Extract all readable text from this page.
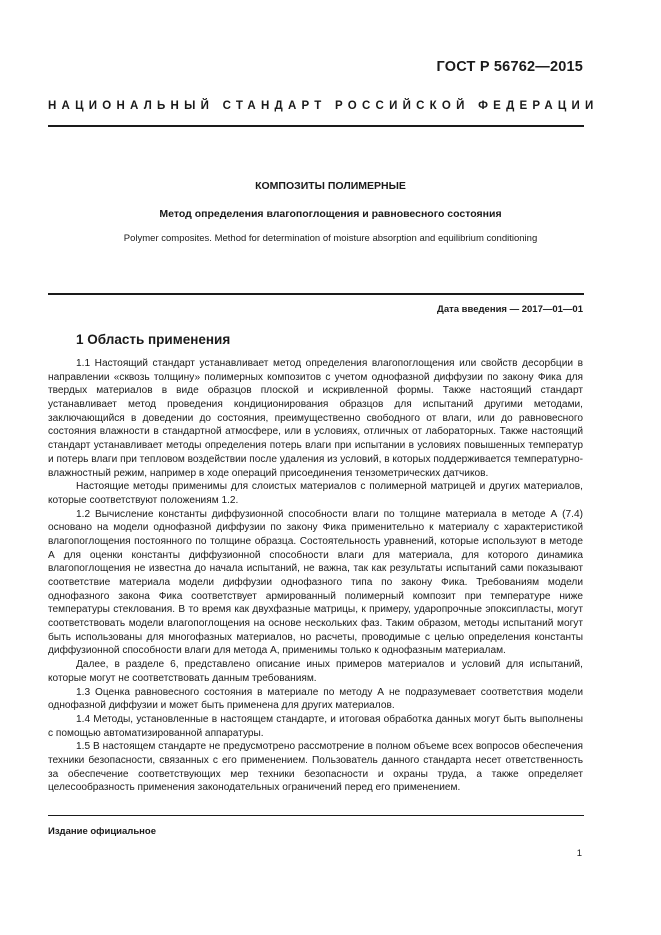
ГОСТ Р 56762—2015
НАЦИОНАЛЬНЫЙ СТАНДАРТ РОССИЙСКОЙ ФЕДЕРАЦИИ
КОМПОЗИТЫ ПОЛИМЕРНЫЕ
Метод определения влагопоглощения и равновесного состояния
Polymer composites. Method for determination of moisture absorption and equilibrium conditioning
Дата введения — 2017—01—01
1 Область применения

1.1 Настоящий стандарт устанавливает метод определения влагопоглощения или свойств десорбции в направлении «сквозь толщину» полимерных композитов с учетом однофазной диффузии по закону Фика для твердых материалов в виде образцов плоской и искривленной формы. Также настоящий стандарт устанавливает метод проведения кондиционирования образцов для испытаний другими методами, заключающийся в доведении до состояния, преимущественно свободного от влаги, или до равновесного состояния влажности в стандартной атмосфере, или в условиях, отличных от лабораторных. Также настоящий стандарт устанавливает методы определения потерь влаги при испытании в условиях повышенных температур и потерь влаги при тепловом воздействии после удаления из условий, в которых поддерживается температурно-влажностный режим, например в ходе операций присоединения тензометрических датчиков.

Настоящие методы применимы для слоистых материалов с полимерной матрицей и других материалов, которые соответствуют положениям 1.2.

1.2 Вычисление константы диффузионной способности влаги по толщине материала в методе А (7.4) основано на модели однофазной диффузии по закону Фика применительно к материалу с характеристикой влагопоглощения постоянного по толщине образца. Состоятельность уравнений, которые используют в методе А для оценки константы диффузионной способности влаги для материала, для которого динамика влагопоглощения не известна до начала испытаний, не важна, так как результаты испытаний сами показывают соответствие материала модели диффузии однофазного типа по закону Фика. Требованиям модели однофазного закона Фика соответствует армированный полимерный композит при температуре ниже температуры стеклования. В то время как двухфазные матрицы, к примеру, ударопрочные эпоксипласты, могут соответствовать модели влагопоглощения на основе нескольких фаз. Таким образом, методы испытаний могут быть использованы для многофазных материалов, но расчеты, проводимые с целью определения константы диффузионной способности влаги для метода А, применимы только к однофазным материалам.

Далее, в разделе 6, представлено описание иных примеров материалов и условий для испытаний, которые могут не соответствовать данным требованиям.

1.3 Оценка равновесного состояния в материале по методу А не подразумевает соответствия модели однофазной диффузии и может быть применена для других материалов.

1.4 Методы, установленные в настоящем стандарте, и итоговая обработка данных могут быть выполнены с помощью автоматизированной аппаратуры.

1.5 В настоящем стандарте не предусмотрено рассмотрение в полном объеме всех вопросов обеспечения техники безопасности, связанных с его применением. Пользователь данного стандарта несет ответственность за обеспечение соответствующих мер техники безопасности и охраны труда, а также определяет целесообразность применения законодательных ограничений перед его применением.

Издание официальное
1
